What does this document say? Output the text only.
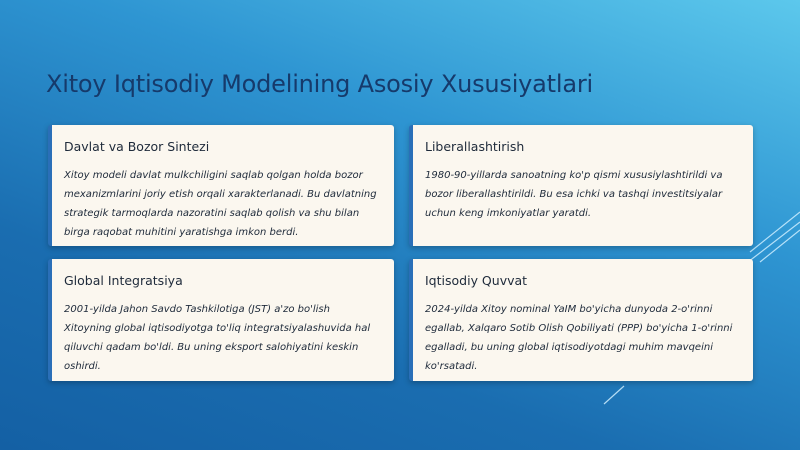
Xitoy Iqtisodiy Modelining Asosiy Xususiyatlari
Davlat va Bozor Sintezi

Xitoy modeli davlat mulkchiligini saqlab qolgan holda bozor mexanizmlarini joriy etish orqali xarakterlanadi. Bu davlatning strategik tarmoqlarda nazoratini saqlab qolish va shu bilan birga raqobat muhitini yaratishga imkon berdi.

Liberallashtirish

1980-90-yillarda sanoatning ko'p qismi xususiylashtirildi va bozor liberallashtirildi. Bu esa ichki va tashqi investitsiyalar uchun keng imkoniyatlar yaratdi.

Global Integratsiya

2001-yilda Jahon Savdo Tashkilotiga (JST) a'zo bo'lish Xitoyning global iqtisodiyotga to'liq integratsiyalashuvida hal qiluvchi qadam bo'ldi. Bu uning eksport salohiyatini keskin oshirdi.

Iqtisodiy Quvvat

2024-yilda Xitoy nominal YaIM bo'yicha dunyoda 2-o'rinni egallab, Xalqaro Sotib Olish Qobiliyati (PPP) bo'yicha 1-o'rinni egalladi, bu uning global iqtisodiyotdagi muhim mavqeini ko'rsatadi.
